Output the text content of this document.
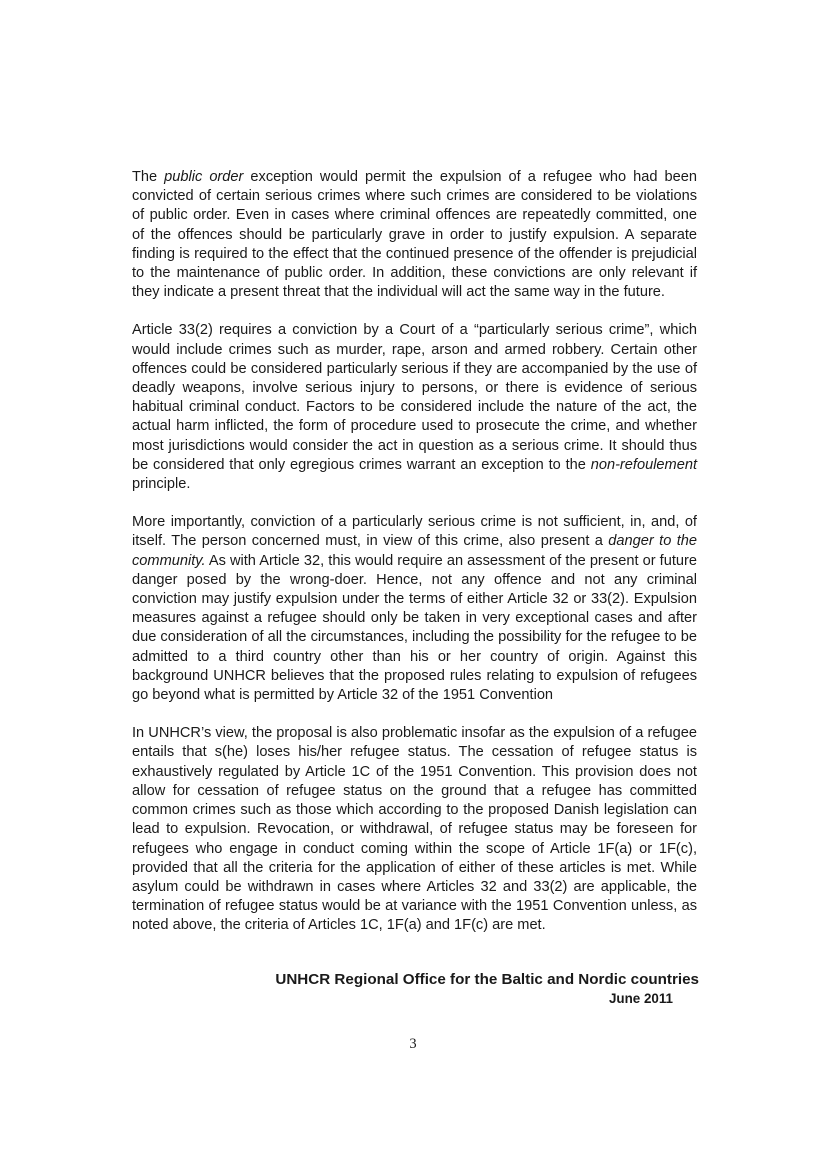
The public order exception would permit the expulsion of a refugee who had been convicted of certain serious crimes where such crimes are considered to be violations of public order. Even in cases where criminal offences are repeatedly committed, one of the offences should be particularly grave in order to justify expulsion. A separate finding is required to the effect that the continued presence of the offender is prejudicial to the maintenance of public order. In addition, these convictions are only relevant if they indicate a present threat that the individual will act the same way in the future.

Article 33(2) requires a conviction by a Court of a “particularly serious crime”, which would include crimes such as murder, rape, arson and armed robbery. Certain other offences could be considered particularly serious if they are accompanied by the use of deadly weapons, involve serious injury to persons, or there is evidence of serious habitual criminal conduct. Factors to be considered include the nature of the act, the actual harm inflicted, the form of procedure used to prosecute the crime, and whether most jurisdictions would consider the act in question as a serious crime. It should thus be considered that only egregious crimes warrant an exception to the non-refoulement principle.

More importantly, conviction of a particularly serious crime is not sufficient, in, and, of itself. The person concerned must, in view of this crime, also present a danger to the community. As with Article 32, this would require an assessment of the present or future danger posed by the wrong-doer. Hence, not any offence and not any criminal conviction may justify expulsion under the terms of either Article 32 or 33(2). Expulsion measures against a refugee should only be taken in very exceptional cases and after due consideration of all the circumstances, including the possibility for the refugee to be admitted to a third country other than his or her country of origin. Against this background UNHCR believes that the proposed rules relating to expulsion of refugees go beyond what is permitted by Article 32 of the 1951 Convention

In UNHCR’s view, the proposal is also problematic insofar as the expulsion of a refugee entails that s(he) loses his/her refugee status. The cessation of refugee status is exhaustively regulated by Article 1C of the 1951 Convention. This provision does not allow for cessation of refugee status on the ground that a refugee has committed common crimes such as those which according to the proposed Danish legislation can lead to expulsion. Revocation, or withdrawal, of refugee status may be foreseen for refugees who engage in conduct coming within the scope of Article 1F(a) or 1F(c), provided that all the criteria for the application of either of these articles is met. While asylum could be withdrawn in cases where Articles 32 and 33(2) are applicable, the termination of refugee status would be at variance with the 1951 Convention unless, as noted above, the criteria of Articles 1C, 1F(a) and 1F(c) are met.

UNHCR Regional Office for the Baltic and Nordic countries
June 2011
3
